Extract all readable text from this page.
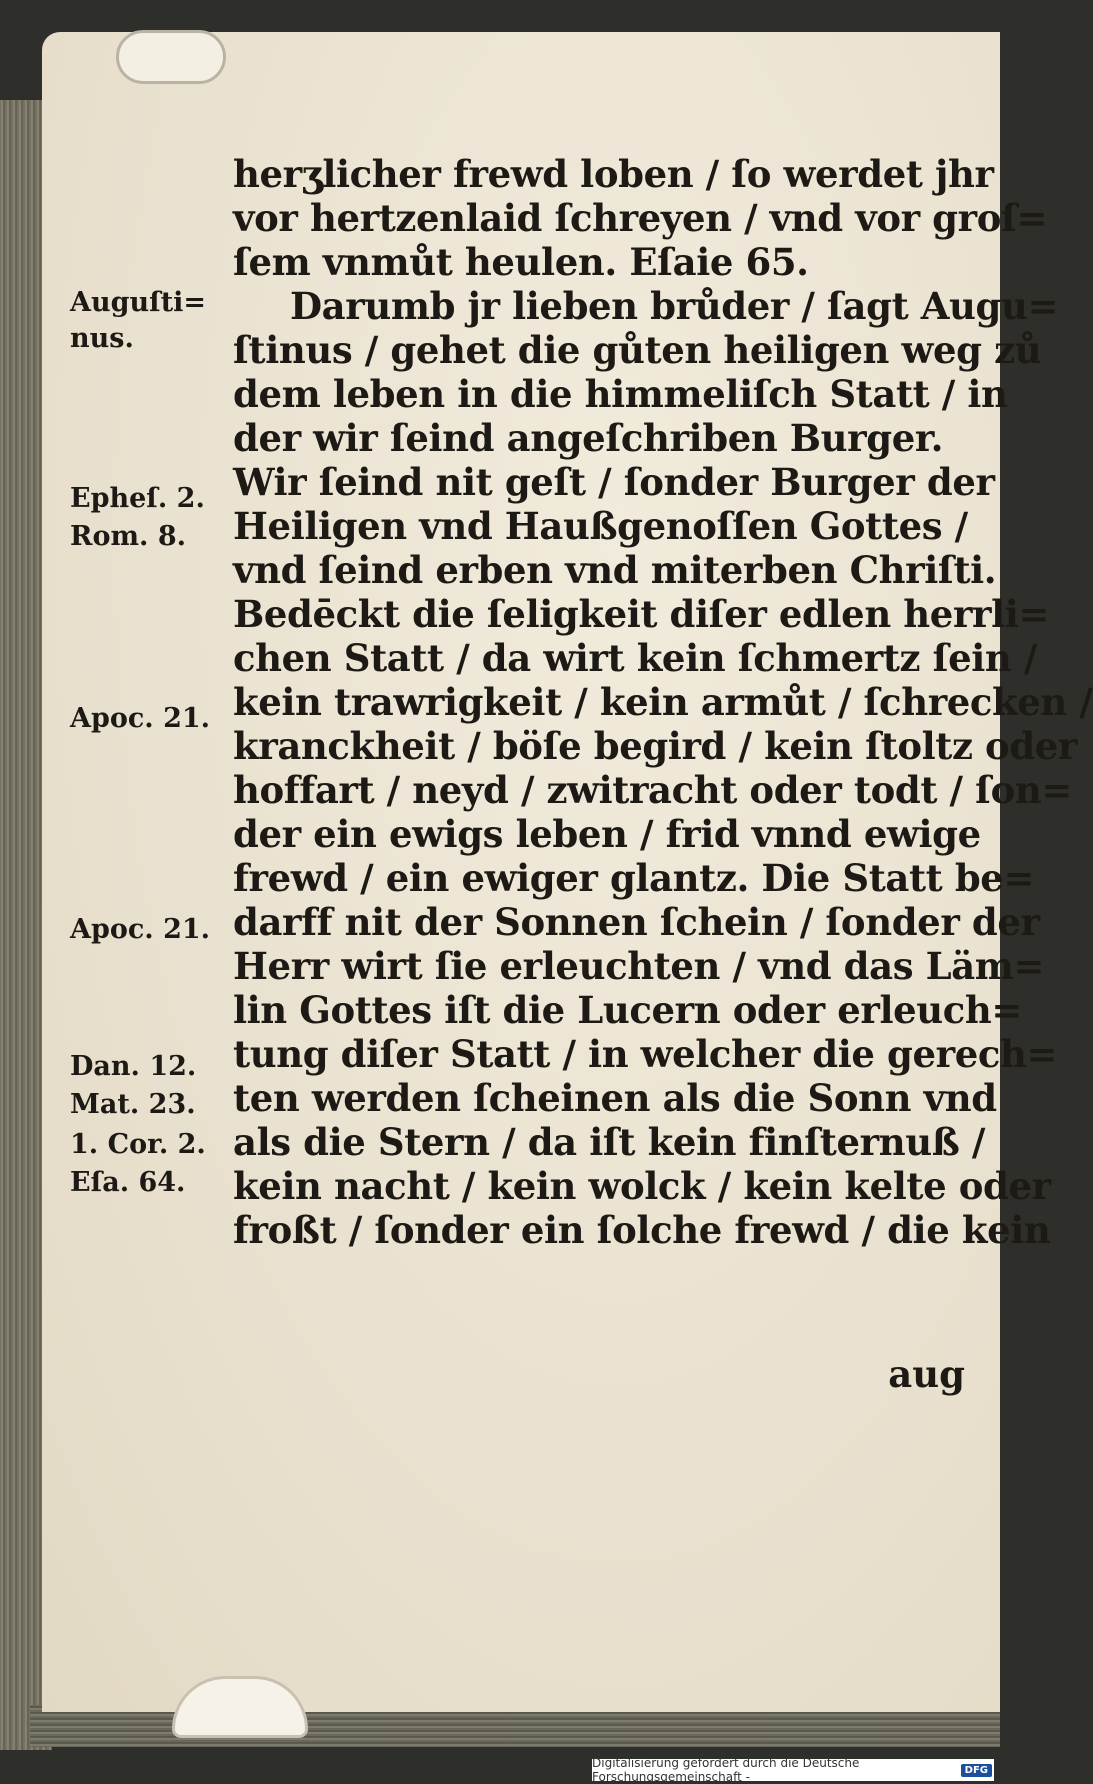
herʒlicher frewd loben / ſo werdet jhr
vor hertzenlaid ſchreyen / vnd vor groſ=
ſem vnmůt heulen. Eſaie 65.
Darumb jr lieben brůder / ſagt Augu=
ſtinus / gehet die gůten heiligen weg zů
dem leben in die himmeliſch Statt / in
der wir ſeind angeſchriben Burger.
Wir ſeind nit geſt / ſonder Burger der
Heiligen vnd Haußgenoſſen Gottes /
vnd ſeind erben vnd miterben Chriſti.
Bedēckt die ſeligkeit diſer edlen herrli=
chen Statt / da wirt kein ſchmertz ſein /
kein trawrigkeit / kein armůt / ſchrecken /
kranckheit / böſe begird / kein ſtoltz oder
hoffart / neyd / zwitracht oder todt / ſon=
der ein ewigs leben / frid vnnd ewige
frewd / ein ewiger glantz. Die Statt be=
darff nit der Sonnen ſchein / ſonder der
Herr wirt ſie erleuchten / vnd das Läm=
lin Gottes iſt die Lucern oder erleuch=
tung diſer Statt / in welcher die gerech=
ten werden ſcheinen als die Sonn vnd
als die Stern / da iſt kein finſternuß /
kein nacht / kein wolck / kein kelte oder
froßt / ſonder ein ſolche frewd / die kein
aug
Auguſti=
nus.
Epheſ. 2.
Rom. 8.
Apoc. 21.
Apoc. 21.
Dan. 12.
Mat. 23.
1. Cor. 2.
Eſa. 64.
Digitalisierung gefördert durch die Deutsche Forschungsgemeinschaft -	DFG
